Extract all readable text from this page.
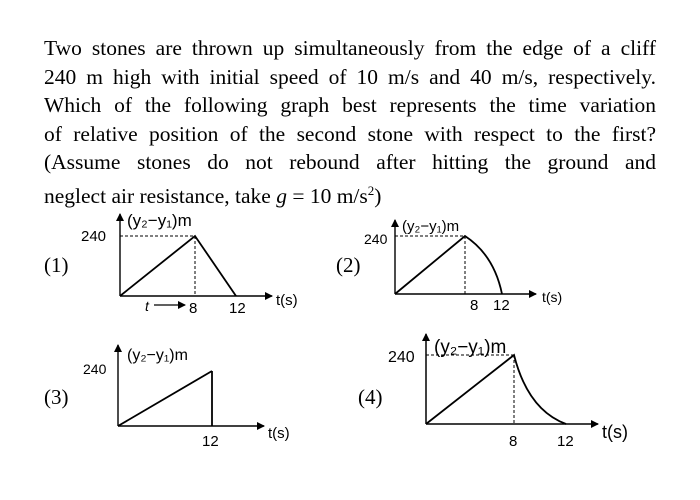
Two stones are thrown up simultaneously from the edge of a cliff
240 m high with initial speed of 10 m/s and 40 m/s, respectively.
Which of the following graph best represents the time variation
of relative position of the second stone with respect to the first?
(Assume stones do not rebound after hitting the ground and
neglect air resistance, take g = 10 $m/s^2$)
(1)	(2)
(3)	(4)
(y₂−y₁)m
240
t	8 12 t(s)
(y₂−y₁)m
240
8 12 t(s)
(y₂−y₁)m
240
12	t(s)
(y₂−y₁)m
240
8	12 t(s)
